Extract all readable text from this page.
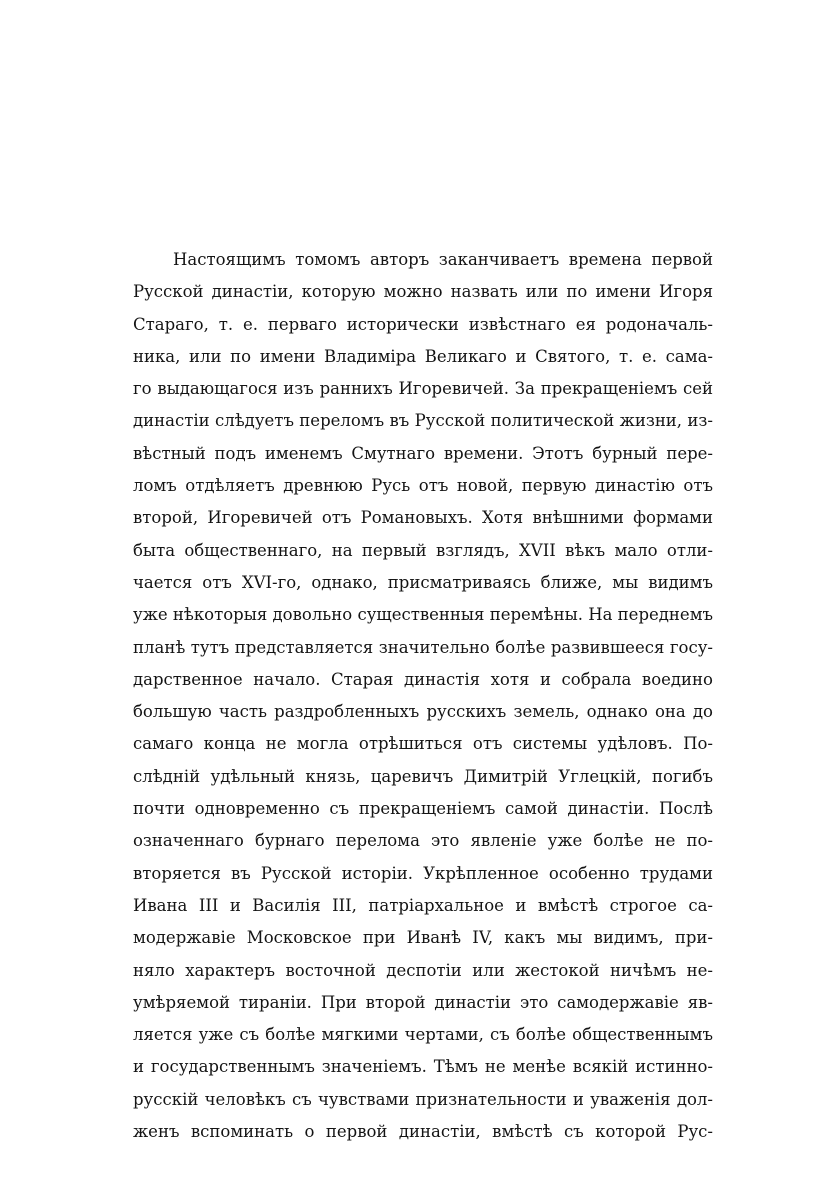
Настоящимъ томомъ авторъ заканчиваетъ времена первой
Русской династіи, которую можно назвать или по имени Игоря
Стараго, т. е. перваго исторически извѣстнаго ея родоначаль-
ника, или по имени Владиміра Великаго и Святого, т. е. сама-
го выдающагося изъ раннихъ Игоревичей. За прекращеніемъ сей
династіи слѣдуетъ переломъ въ Русской политической жизни, из-
вѣстный подъ именемъ Смутнаго времени. Этотъ бурный пере-
ломъ отдѣляетъ древнюю Русь отъ новой, первую династію отъ
второй, Игоревичей отъ Романовыхъ. Хотя внѣшними формами
быта общественнаго, на первый взглядъ, XVII вѣкъ мало отли-
чается отъ XVI-го, однако, присматриваясь ближе, мы видимъ
уже нѣкоторыя довольно существенныя перемѣны. На переднемъ
планѣ тутъ представляется значительно болѣе развившееся госу-
дарственное начало. Старая династія хотя и собрала воедино
большую часть раздробленныхъ русскихъ земель, однако она до
самаго конца не могла отрѣшиться отъ системы удѣловъ. По-
слѣдній удѣльный князь, царевичъ Димитрій Углецкій, погибъ
почти одновременно съ прекращеніемъ самой династіи. Послѣ
означеннаго бурнаго перелома это явленіе уже болѣе не по-
вторяется въ Русской исторіи. Укрѣпленное особенно трудами
Ивана III и Василія III, патріархальное и вмѣстѣ строгое са-
модержавіе Московское при Иванѣ IV, какъ мы видимъ, при-
няло характеръ восточной деспотіи или жестокой ничѣмъ не-
умѣряемой тираніи. При второй династіи это самодержавіе яв-
ляется уже съ болѣе мягкими чертами, съ болѣе общественнымъ
и государственнымъ значеніемъ. Тѣмъ не менѣе всякій истинно-
русскій человѣкъ съ чувствами признательности и уваженія дол-
женъ вспоминать о первой династіи, вмѣстѣ съ которой Рус-
